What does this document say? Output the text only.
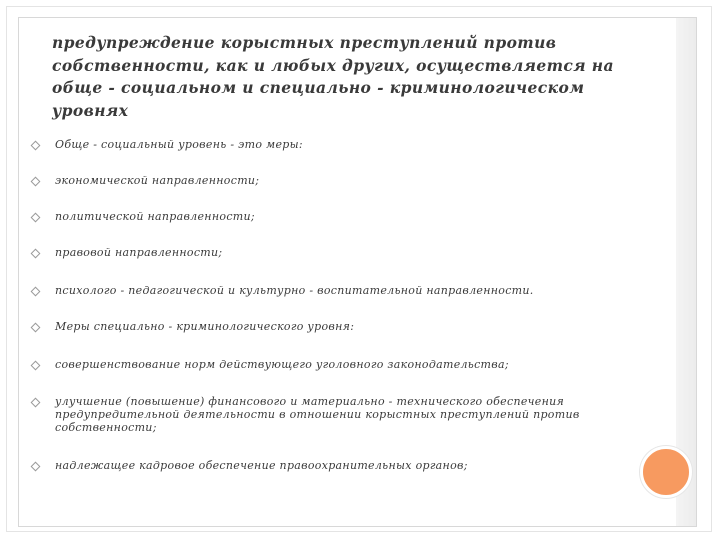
предупреждение корыстных преступлений против собственности, как и любых других, осуществляется на обще - социальном и специально - криминологическом уровнях
Обще - социальный уровень - это меры:
экономической направленности;
политической направленности;
правовой направленности;
психолого - педагогической и культурно - воспитательной направленности.
Меры специально - криминологического уровня:
совершенствование норм действующего уголовного законодательства;
улучшение (повышение) финансового и материально - технического обеспечения предупредительной деятельности в отношении корыстных преступлений против собственности;
надлежащее кадровое обеспечение правоохранительных органов;
